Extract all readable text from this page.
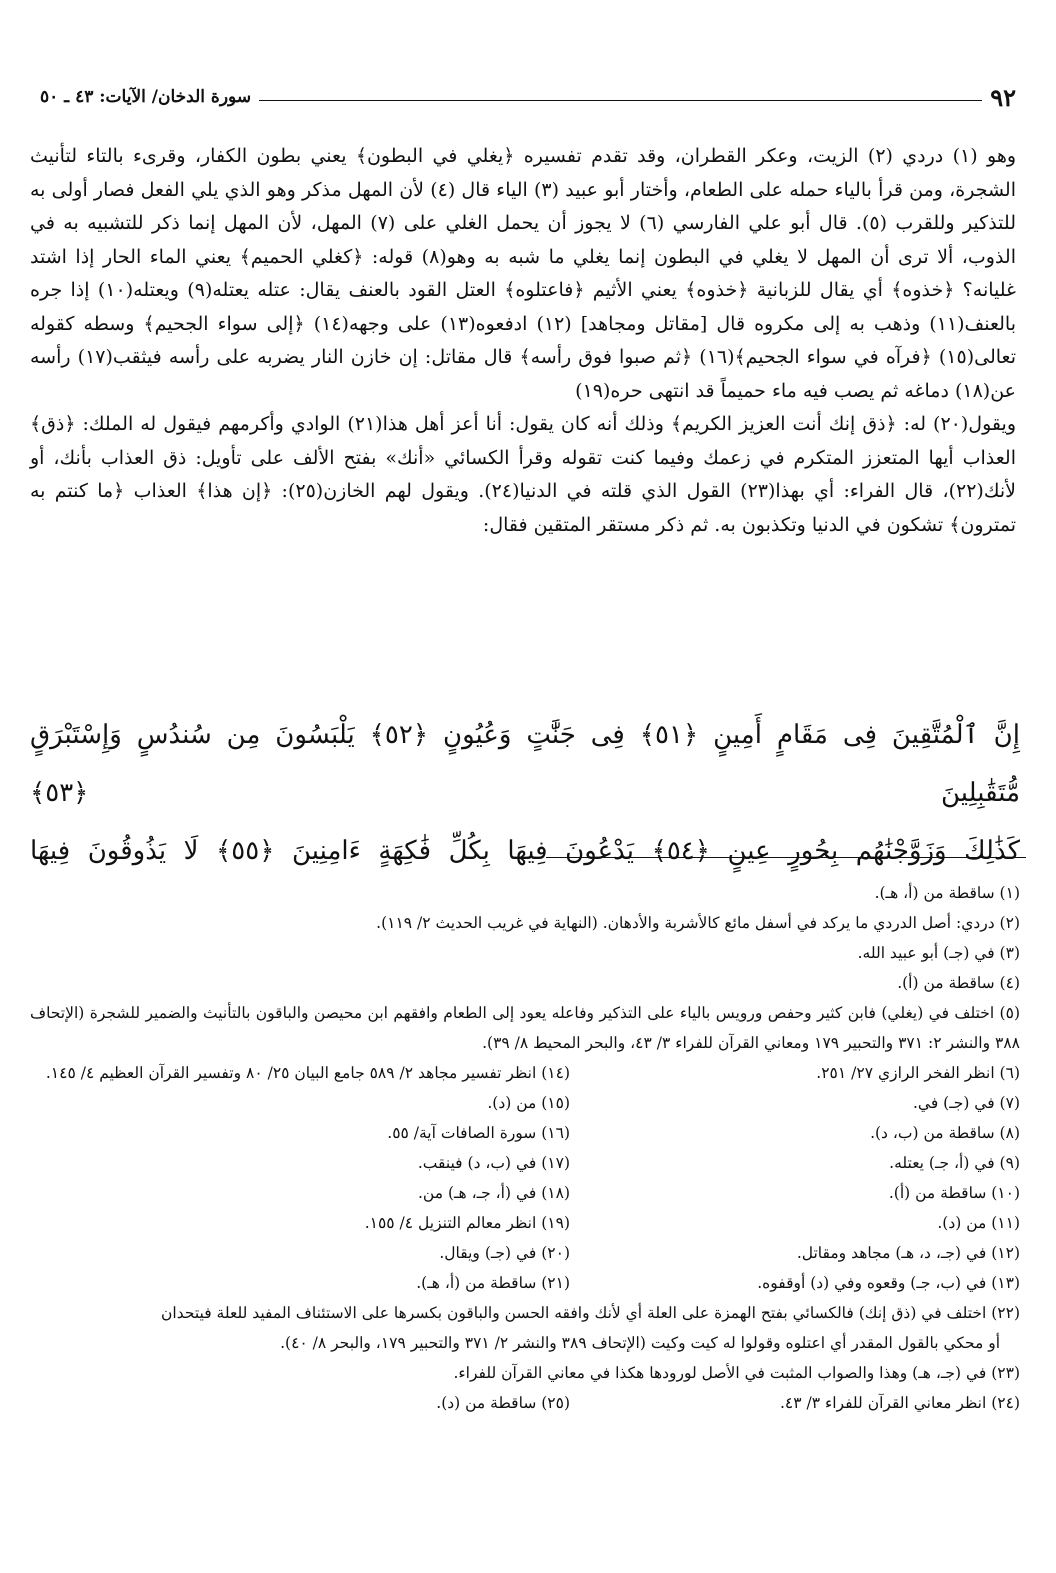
٩٢
سورة الدخان/ الآيات: ٤٣ ـ ٥٠

وهو (١) دردي (٢) الزيت، وعكر القطران، وقد تقدم تفسيره ﴿يغلي في البطون﴾ يعني بطون الكفار، وقرىء بالتاء لتأنيث الشجرة، ومن قرأ بالياء حمله على الطعام، وأختار أبو عبيد (٣) الياء قال (٤) لأن المهل مذكر وهو الذي يلي الفعل فصار أولى به للتذكير وللقرب (٥). قال أبو علي الفارسي (٦) لا يجوز أن يحمل الغلي على (٧) المهل، لأن المهل إنما ذكر للتشبيه به في الذوب، ألا ترى أن المهل لا يغلي في البطون إنما يغلي ما شبه به وهو(٨) قوله: ﴿كغلي الحميم﴾ يعني الماء الحار إذا اشتد غليانه؟ ﴿خذوه﴾ أي يقال للزبانية ﴿خذوه﴾ يعني الأثيم ﴿فاعتلوه﴾ العتل القود بالعنف يقال: عتله يعتله(٩) ويعتله(١٠) إذا جره بالعنف(١١) وذهب به إلى مكروه قال [مقاتل ومجاهد] (١٢) ادفعوه(١٣) على وجهه(١٤) ﴿إلى سواء الجحيم﴾ وسطه كقوله تعالى(١٥) ﴿فرآه في سواء الجحيم﴾(١٦) ﴿ثم صبوا فوق رأسه﴾ قال مقاتل: إن خازن النار يضربه على رأسه فيثقب(١٧) رأسه عن(١٨) دماغه ثم يصب فيه ماء حميماً قد انتهى حره(١٩)

ويقول(٢٠) له: ﴿ذق إنك أنت العزيز الكريم﴾ وذلك أنه كان يقول: أنا أعز أهل هذا(٢١) الوادي وأكرمهم فيقول له الملك: ﴿ذق﴾ العذاب أيها المتعزز المتكرم في زعمك وفيما كنت تقوله وقرأ الكسائي «أنك» بفتح الألف على تأويل: ذق العذاب بأنك، أو لأنك(٢٢)، قال الفراء: أي بهذا(٢٣) القول الذي قلته في الدنيا(٢٤). ويقول لهم الخازن(٢٥): ﴿إن هذا﴾ العذاب ﴿ما كنتم به تمترون﴾ تشكون في الدنيا وتكذبون به. ثم ذكر مستقر المتقين فقال:

إِنَّ ٱلْمُتَّقِينَ فِى مَقَامٍ أَمِينٍ ﴿٥١﴾ فِى جَنَّٰتٍ وَعُيُونٍ ﴿٥٢﴾ يَلْبَسُونَ مِن سُندُسٍ وَإِسْتَبْرَقٍ مُّتَقَٰبِلِينَ ﴿٥٣﴾
كَذَٰلِكَ وَزَوَّجْنَٰهُم بِحُورٍ عِينٍ ﴿٥٤﴾ يَدْعُونَ فِيهَا بِكُلِّ فَٰكِهَةٍ ءَامِنِينَ ﴿٥٥﴾ لَا يَذُوقُونَ فِيهَا

(١) ساقطة من (أ، هـ).

(٢) دردي: أصل الدردي ما يركد في أسفل مائع كالأشربة والأدهان. (النهاية في غريب الحديث ٢/ ١١٩).

(٣) في (جـ) أبو عبيد الله.

(٤) ساقطة من (أ).

(٥) اختلف في (يغلي) فابن كثير وحفص ورويس بالياء على التذكير وفاعله يعود إلى الطعام وافقهم ابن محيصن والباقون بالتأنيث والضمير للشجرة (الإتحاف ٣٨٨ والنشر ٢: ٣٧١ والتحبير ١٧٩ ومعاني القرآن للفراء ٣/ ٤٣، والبحر المحيط ٨/ ٣٩).

(٦) انظر الفخر الرازي ٢٧/ ٢٥١.

(٧) في (جـ) في.

(٨) ساقطة من (ب، د).

(٩) في (أ، جـ) يعتله.

(١٠) ساقطة من (أ).

(١١) من (د).

(١٢) في (جـ، د، هـ) مجاهد ومقاتل.

(١٣) في (ب، جـ) وقعوه وفي (د) أوقفوه.

(١٤) انظر تفسير مجاهد ٢/ ٥٨٩ جامع البيان ٢٥/ ٨٠ وتفسير القرآن العظيم ٤/ ١٤٥.

(١٥) من (د).

(١٦) سورة الصافات آية/ ٥٥.

(١٧) في (ب، د) فينقب.

(١٨) في (أ، جـ، هـ) من.

(١٩) انظر معالم التنزيل ٤/ ١٥٥.

(٢٠) في (جـ) ويقال.

(٢١) ساقطة من (أ، هـ).

(٢٢) اختلف في (ذق إنك) فالكسائي بفتح الهمزة على العلة أي لأنك وافقه الحسن والباقون بكسرها على الاستئناف المفيد للعلة فيتحدان

أو محكي بالقول المقدر أي اعتلوه وقولوا له كيت وكيت (الإتحاف ٣٨٩ والنشر ٢/ ٣٧١ والتحبير ١٧٩، والبحر ٨/ ٤٠).

(٢٣) في (جـ، هـ) وهذا والصواب المثبت في الأصل لورودها هكذا في معاني القرآن للفراء.

(٢٤) انظر معاني القرآن للفراء ٣/ ٤٣.

(٢٥) ساقطة من (د).
